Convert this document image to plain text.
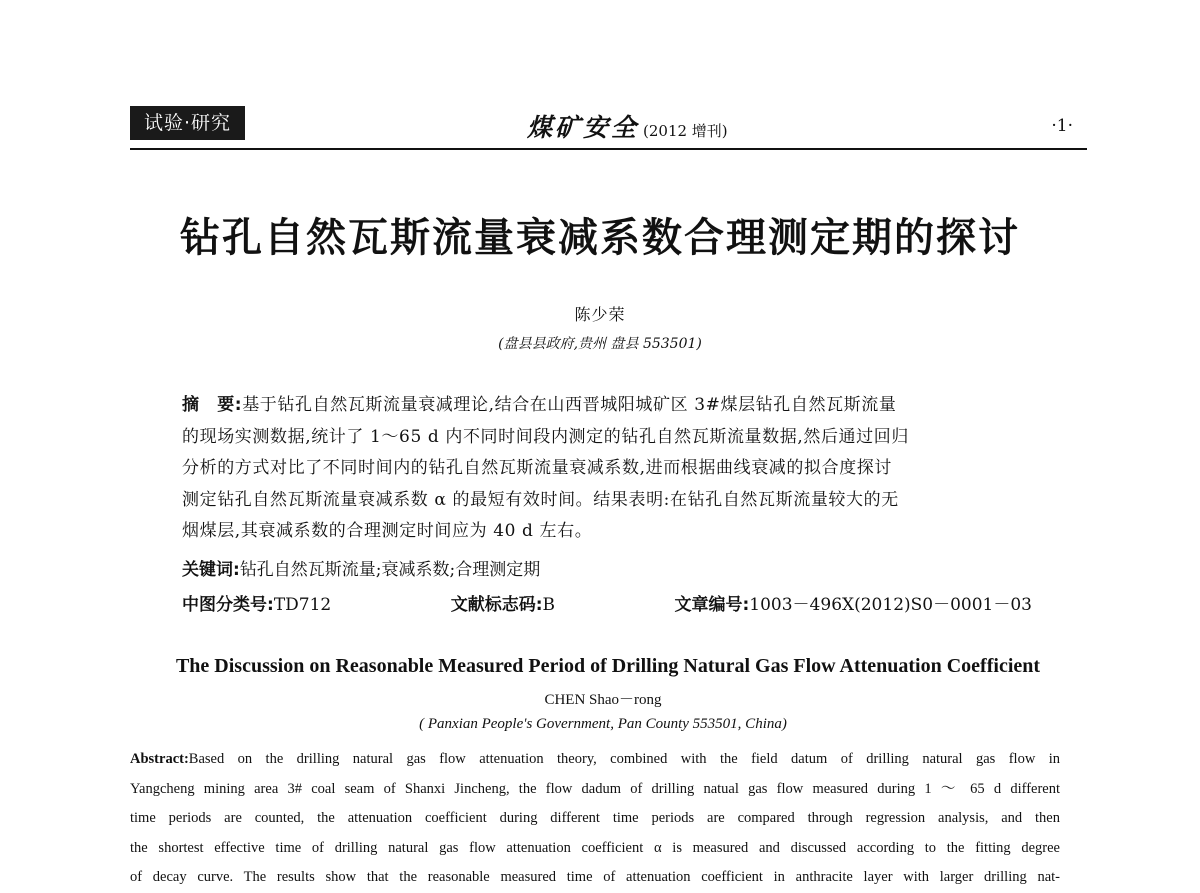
试验·研究	煤矿安全 (2012 增刊)	·1·
钻孔自然瓦斯流量衰减系数合理测定期的探讨
陈少荣
(盘县县政府,贵州 盘县 553501)
摘　要:基于钻孔自然瓦斯流量衰减理论,结合在山西晋城阳城矿区 3#煤层钻孔自然瓦斯流量
的现场实测数据,统计了 1～65 d 内不同时间段内测定的钻孔自然瓦斯流量数据,然后通过回归
分析的方式对比了不同时间内的钻孔自然瓦斯流量衰减系数,进而根据曲线衰减的拟合度探讨
测定钻孔自然瓦斯流量衰减系数 α 的最短有效时间。结果表明:在钻孔自然瓦斯流量较大的无
烟煤层,其衰减系数的合理测定时间应为 40 d 左右。
关键词:钻孔自然瓦斯流量;衰减系数;合理测定期
中图分类号:TD712	文献标志码:B	文章编号:1003－496X(2012)S0－0001－03
The Discussion on Reasonable Measured Period of Drilling Natural Gas Flow Attenuation Coefficient
CHEN Shao－rong
( Panxian People's Government, Pan County 553501, China)
Abstract:Based on the drilling natural gas flow attenuation theory, combined with the field datum of drilling natural gas flow in
Yangcheng mining area 3# coal seam of Shanxi Jincheng, the flow dadum of drilling natual gas flow measured during 1 ～ 65 d different
time periods are counted, the attenuation coefficient during different time periods are compared through regression analysis, and then
the shortest effective time of drilling natural gas flow attenuation coefficient α is measured and discussed according to the fitting degree
of decay curve. The results show that the reasonable measured time of attenuation coefficient in anthracite layer with larger drilling nat-
